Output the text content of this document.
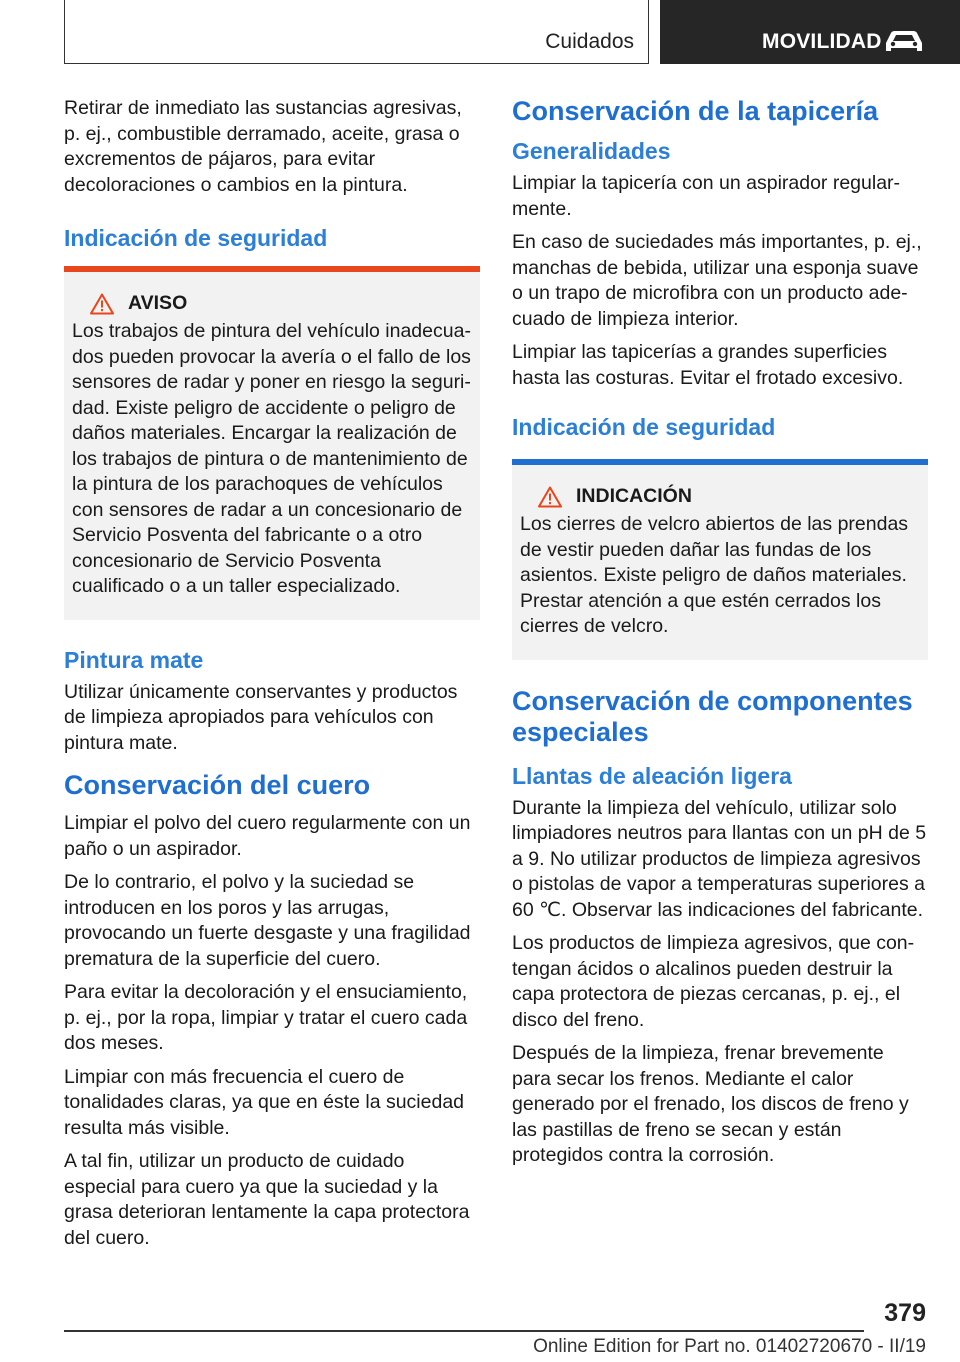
Cuidados	MOVILIDAD

Retirar de inmediato las sustancias agresivas, p. ej., combustible derramado, aceite, grasa o excrementos de pájaros, para evitar decoloraciones o cambios en la pintura.

Indicación de seguridad
AVISO

Los trabajos de pintura del vehículo inadecuados pueden provocar la avería o el fallo de los sensores de radar y poner en riesgo la seguridad. Existe peligro de accidente o peligro de daños materiales. Encargar la realización de los trabajos de pintura o de mantenimiento de la pintura de los parachoques de vehículos con sensores de radar a un concesionario de Servicio Posventa del fabricante o a otro concesionario de Servicio Posventa cualificado o a un taller especializado.

Pintura mate

Utilizar únicamente conservantes y productos de limpieza apropiados para vehículos con pintura mate.

Conservación del cuero

Limpiar el polvo del cuero regularmente con un paño o un aspirador.

De lo contrario, el polvo y la suciedad se introducen en los poros y las arrugas, provocando un fuerte desgaste y una fragilidad prematura de la superficie del cuero.

Para evitar la decoloración y el ensuciamiento, p. ej., por la ropa, limpiar y tratar el cuero cada dos meses.

Limpiar con más frecuencia el cuero de tonalidades claras, ya que en éste la suciedad resulta más visible.

A tal fin, utilizar un producto de cuidado especial para cuero ya que la suciedad y la grasa deterioran lentamente la capa protectora del cuero.

Conservación de la tapicería
Generalidades

Limpiar la tapicería con un aspirador regularmente.

En caso de suciedades más importantes, p. ej., manchas de bebida, utilizar una esponja suave o un trapo de microfibra con un producto adecuado de limpieza interior.

Limpiar las tapicerías a grandes superficies hasta las costuras. Evitar el frotado excesivo.

Indicación de seguridad
INDICACIÓN

Los cierres de velcro abiertos de las prendas de vestir pueden dañar las fundas de los asientos. Existe peligro de daños materiales. Prestar atención a que estén cerrados los cierres de velcro.

Conservación de componentes especiales
Llantas de aleación ligera

Durante la limpieza del vehículo, utilizar solo limpiadores neutros para llantas con un pH de 5 a 9. No utilizar productos de limpieza agresivos o pistolas de vapor a temperaturas superiores a 60 ℃. Observar las indicaciones del fabricante.

Los productos de limpieza agresivos, que contengan ácidos o alcalinos pueden destruir la capa protectora de piezas cercanas, p. ej., el disco del freno.

Después de la limpieza, frenar brevemente para secar los frenos. Mediante el calor generado por el frenado, los discos de freno y las pastillas de freno se secan y están protegidos contra la corrosión.

379
Online Edition for Part no. 01402720670 - II/19
